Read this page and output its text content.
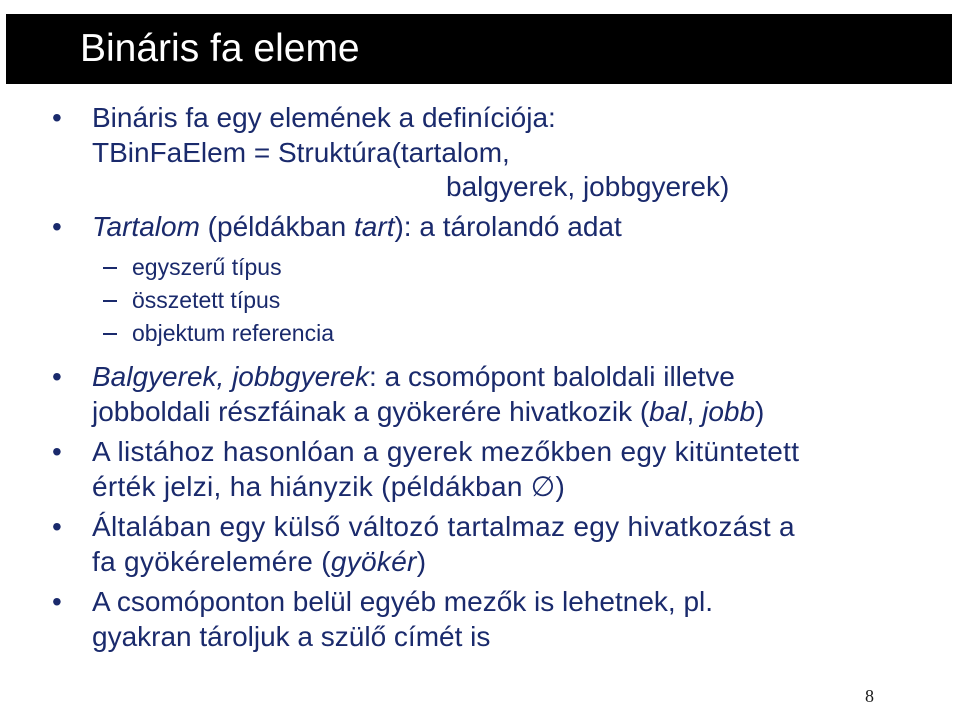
Bináris fa eleme
• Bináris fa egy elemének a definíciója:
TBinFaElem = Struktúra(tartalom,
balgyerek, jobbgyerek)
• Tartalom (példákban tart): a tárolandó adat
egyszerű típus
összetett típus
objektum referencia
• Balgyerek, jobbgyerek: a csomópont baloldali illetve
jobboldali részfáinak a gyökerére hivatkozik (bal, jobb)
• A listához hasonlóan a gyerek mezőkben egy kitüntetett
érték jelzi, ha hiányzik (példákban ∅)
• Általában egy külső változó tartalmaz egy hivatkozást a
fa gyökérelemére (gyökér)
• A csomóponton belül egyéb mezők is lehetnek, pl.
gyakran tároljuk a szülő címét is
8
